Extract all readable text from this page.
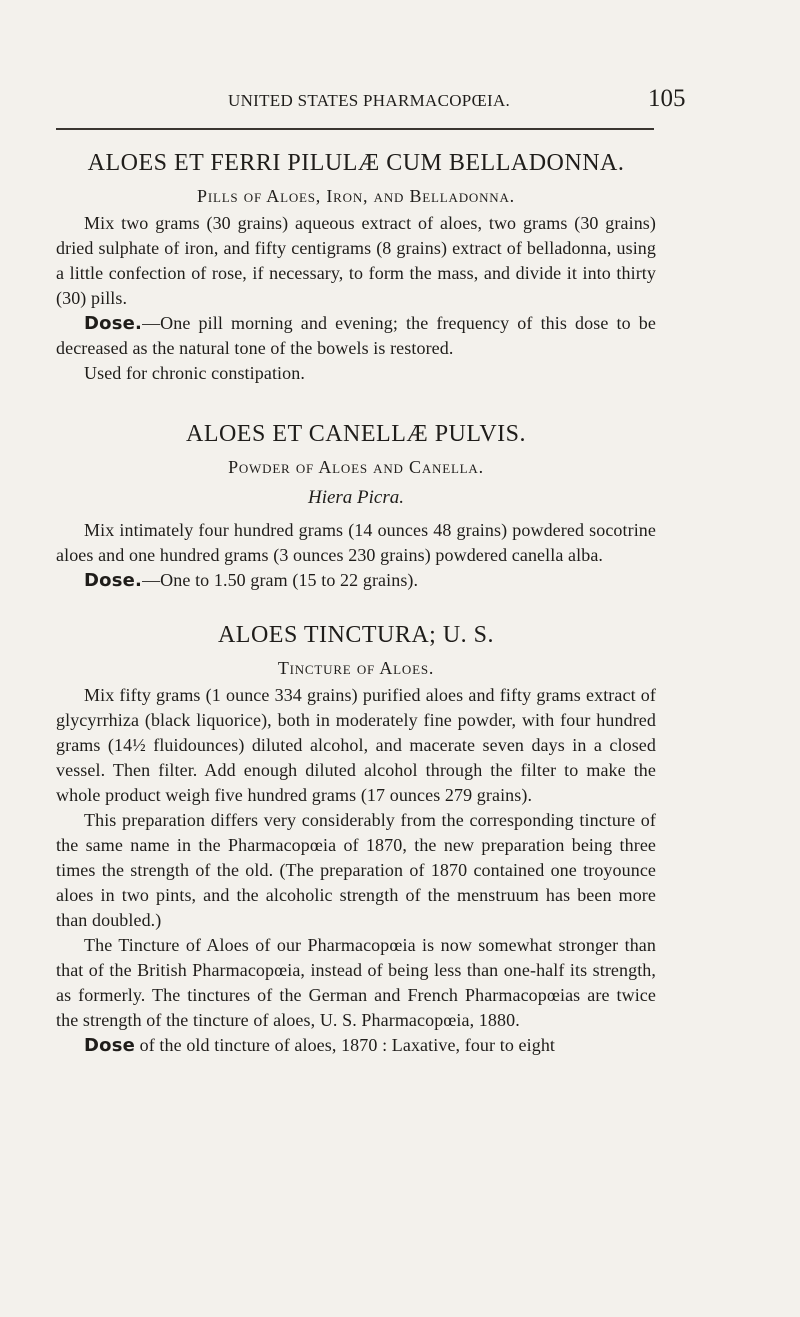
UNITED STATES PHARMACOPŒIA.	105
ALOES ET FERRI PILULÆ CUM BELLADONNA.
Pills of Aloes, Iron, and Belladonna.

Mix two grams (30 grains) aqueous extract of aloes, two grams (30 grains) dried sulphate of iron, and fifty centigrams (8 grains) extract of belladonna, using a little confection of rose, if necessary, to form the mass, and divide it into thirty (30) pills.

Dose.—One pill morning and evening; the frequency of this dose to be decreased as the natural tone of the bowels is restored.

Used for chronic constipation.

ALOES ET CANELLÆ PULVIS.
Powder of Aloes and Canella.
Hiera Picra.

Mix intimately four hundred grams (14 ounces 48 grains) powdered socotrine aloes and one hundred grams (3 ounces 230 grains) powdered canella alba.

Dose.—One to 1.50 gram (15 to 22 grains).

ALOES TINCTURA; U. S.
Tincture of Aloes.

Mix fifty grams (1 ounce 334 grains) purified aloes and fifty grams extract of glycyrrhiza (black liquorice), both in moderately fine powder, with four hundred grams (14½ fluidounces) diluted alcohol, and macerate seven days in a closed vessel. Then filter. Add enough diluted alcohol through the filter to make the whole product weigh five hundred grams (17 ounces 279 grains).

This preparation differs very considerably from the corresponding tincture of the same name in the Pharmacopœia of 1870, the new preparation being three times the strength of the old. (The preparation of 1870 contained one troyounce aloes in two pints, and the alcoholic strength of the menstruum has been more than doubled.)

The Tincture of Aloes of our Pharmacopœia is now somewhat stronger than that of the British Pharmacopœia, instead of being less than one-half its strength, as formerly. The tinctures of the German and French Pharmacopœias are twice the strength of the tincture of aloes, U. S. Pharmacopœia, 1880.

Dose of the old tincture of aloes, 1870 : Laxative, four to eight
